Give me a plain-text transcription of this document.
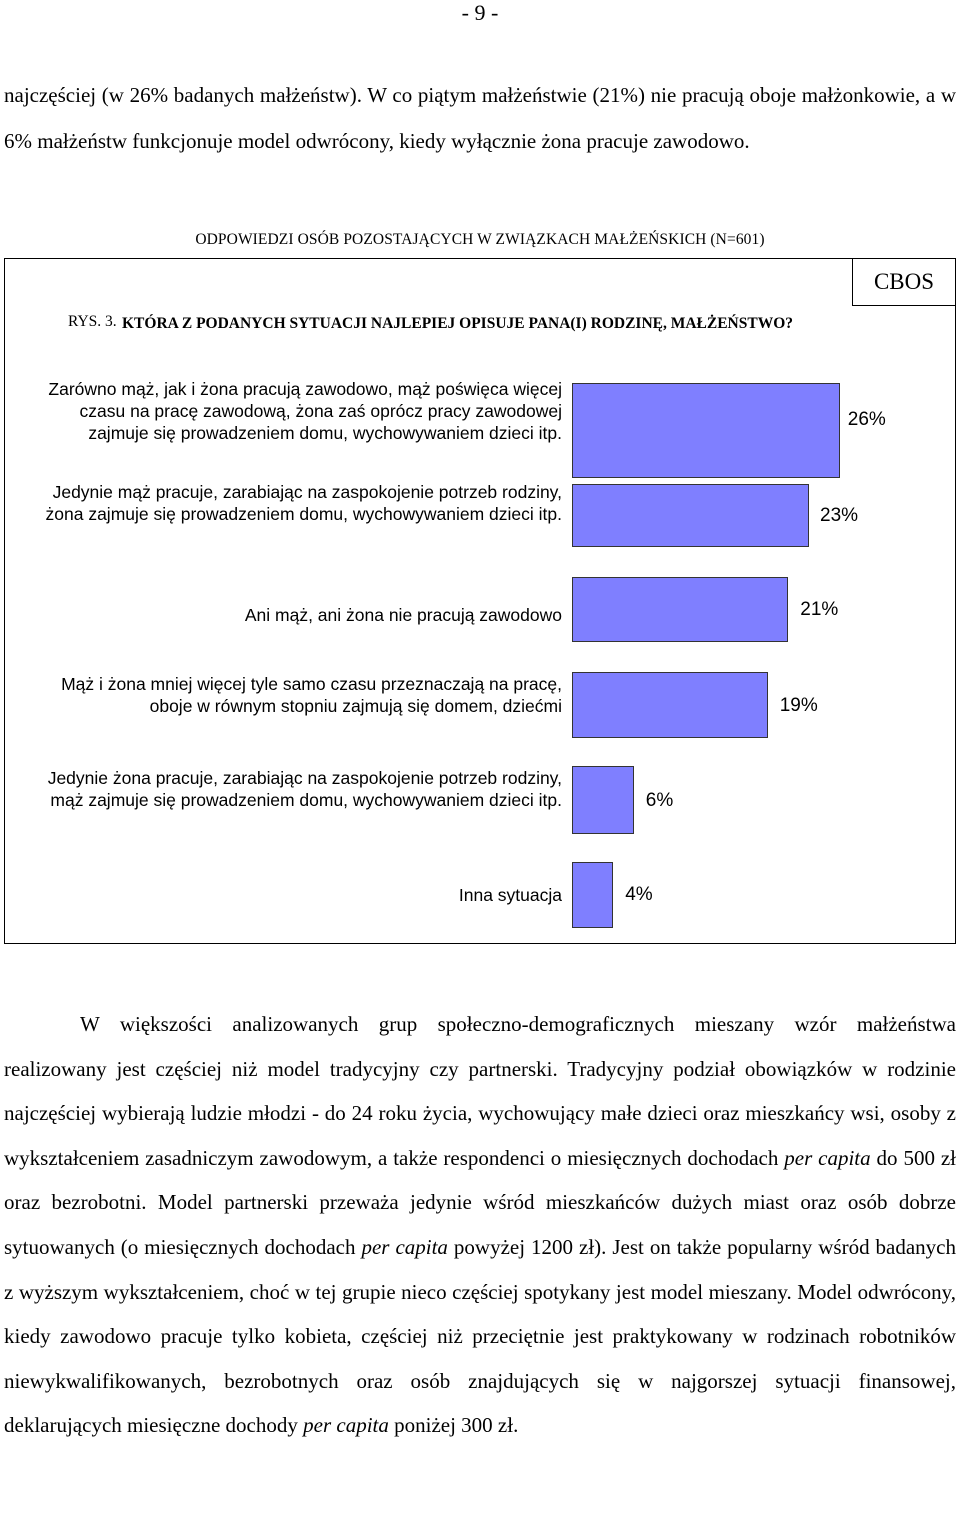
- 9 -

najczęściej (w 26% badanych małżeństw). W co piątym małżeństwie (21%) nie pracują oboje małżonkowie, a w 6% małżeństw funkcjonuje model odwrócony, kiedy wyłącznie żona pracuje zawodowo.

ODPOWIEDZI OSÓB POZOSTAJĄCYCH W ZWIĄZKACH MAŁŻEŃSKICH (N=601)
CBOS
RYS. 3. KTÓRA Z PODANYCH SYTUACJI NAJLEPIEJ OPISUJE PANA(I) RODZINĘ, MAŁŻEŃSTWO?
Zarówno mąż, jak i żona pracują zawodowo, mąż poświęca więcej czasu na pracę zawodową, żona zaś oprócz pracy zawodowej zajmuje się prowadzeniem domu, wychowywaniem dzieci itp.
26%
Jedynie mąż pracuje, zarabiając na zaspokojenie potrzeb rodziny, żona zajmuje się prowadzeniem domu, wychowywaniem dzieci itp.	23%
Ani mąż, ani żona nie pracują zawodowo	21%
Mąż i żona mniej więcej tyle samo czasu przeznaczają na pracę, oboje w równym stopniu zajmują się domem, dziećmi	19%
Jedynie żona pracuje, zarabiając na zaspokojenie potrzeb rodziny, mąż zajmuje się prowadzeniem domu, wychowywaniem dzieci itp.	6%
Inna sytuacja	4%

W większości analizowanych grup społeczno-demograficznych mieszany wzór małżeństwa realizowany jest częściej niż model tradycyjny czy partnerski. Tradycyjny podział obowiązków w rodzinie najczęściej wybierają ludzie młodzi - do 24 roku życia, wychowujący małe dzieci oraz mieszkańcy wsi, osoby z wykształceniem zasadniczym zawodowym, a także respondenci o miesięcznych dochodach per capita do 500 zł oraz bezrobotni. Model partnerski przeważa jedynie wśród mieszkańców dużych miast oraz osób dobrze sytuowanych (o miesięcznych dochodach per capita powyżej 1200 zł). Jest on także popularny wśród badanych z wyższym wykształceniem, choć w tej grupie nieco częściej spotykany jest model mieszany. Model odwrócony, kiedy zawodowo pracuje tylko kobieta, częściej niż przeciętnie jest praktykowany w rodzinach robotników niewykwalifikowanych, bezrobotnych oraz osób znajdujących się w najgorszej sytuacji finansowej, deklarujących miesięczne dochody per capita poniżej 300 zł.
